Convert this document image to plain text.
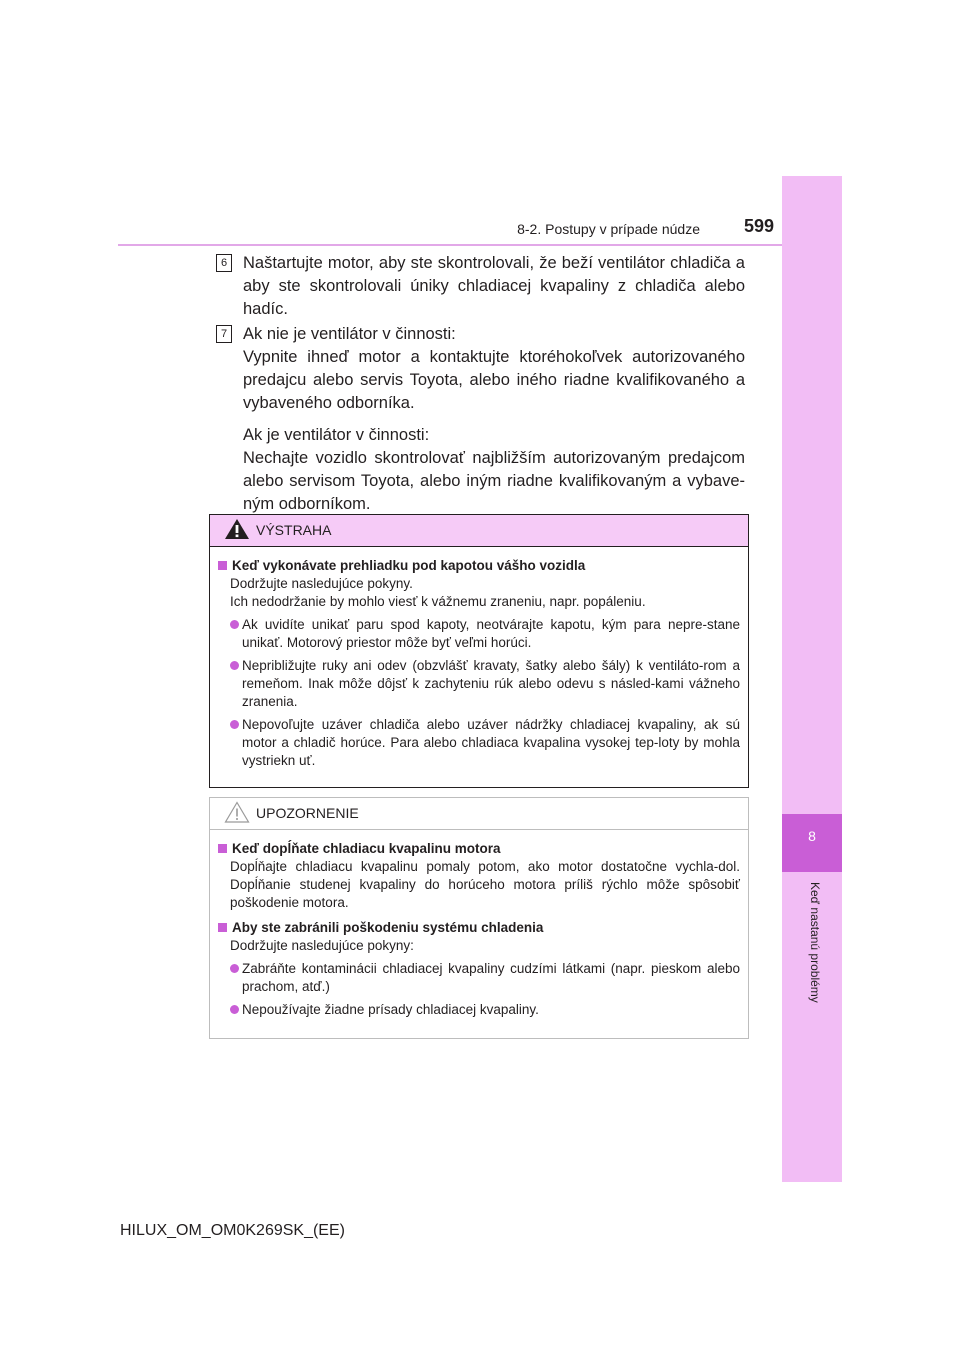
8-2. Postupy v prípade núdze	599
8
Keď nastanú problémy
6 Naštartujte motor, aby ste skontrolovali, že beží ventilátor chladiča a aby ste skontrolovali úniky chladiacej kvapaliny z chladiča alebo hadíc.

7 Ak nie je ventilátor v činnosti:

Vypnite ihneď motor a kontaktujte ktoréhokoľvek autorizovaného predajcu alebo servis Toyota, alebo iného riadne kvalifikovaného a vybaveného odborníka.

Ak je ventilátor v činnosti:

Nechajte vozidlo skontrolovať najbližším autorizovaným predajcom alebo servisom Toyota, alebo iným riadne kvalifikovaným a vybave-ným odborníkom.

VÝSTRAHA

Keď vykonávate prehliadku pod kapotou vášho vozidla

Dodržujte nasledujúce pokyny.

Ich nedodržanie by mohlo viesť k vážnemu zraneniu, napr. popáleniu.

Ak uvidíte unikať paru spod kapoty, neotvárajte kapotu, kým para nepre-stane unikať. Motorový priestor môže byť veľmi horúci.

Nepribližujte ruky ani odev (obzvlášť kravaty, šatky alebo šály) k ventiláto-rom a remeňom. Inak môže dôjsť k zachyteniu rúk alebo odevu s násled-kami vážneho zranenia.

Nepovoľujte uzáver chladiča alebo uzáver nádržky chladiacej kvapaliny, ak sú motor a chladič horúce. Para alebo chladiaca kvapalina vysokej tep-loty by mohla vystriekn uť.

UPOZORNENIE

Keď dopĺňate chladiacu kvapalinu motora

Dopĺňajte chladiacu kvapalinu pomaly potom, ako motor dostatočne vychla-dol. Dopĺňanie studenej kvapaliny do horúceho motora príliš rýchlo môže spôsobiť poškodenie motora.

Aby ste zabránili poškodeniu systému chladenia

Dodržujte nasledujúce pokyny:

Zabráňte kontaminácii chladiacej kvapaliny cudzími látkami (napr. pieskom alebo prachom, atď.)

Nepoužívajte žiadne prísady chladiacej kvapaliny.

HILUX_OM_OM0K269SK_(EE)
